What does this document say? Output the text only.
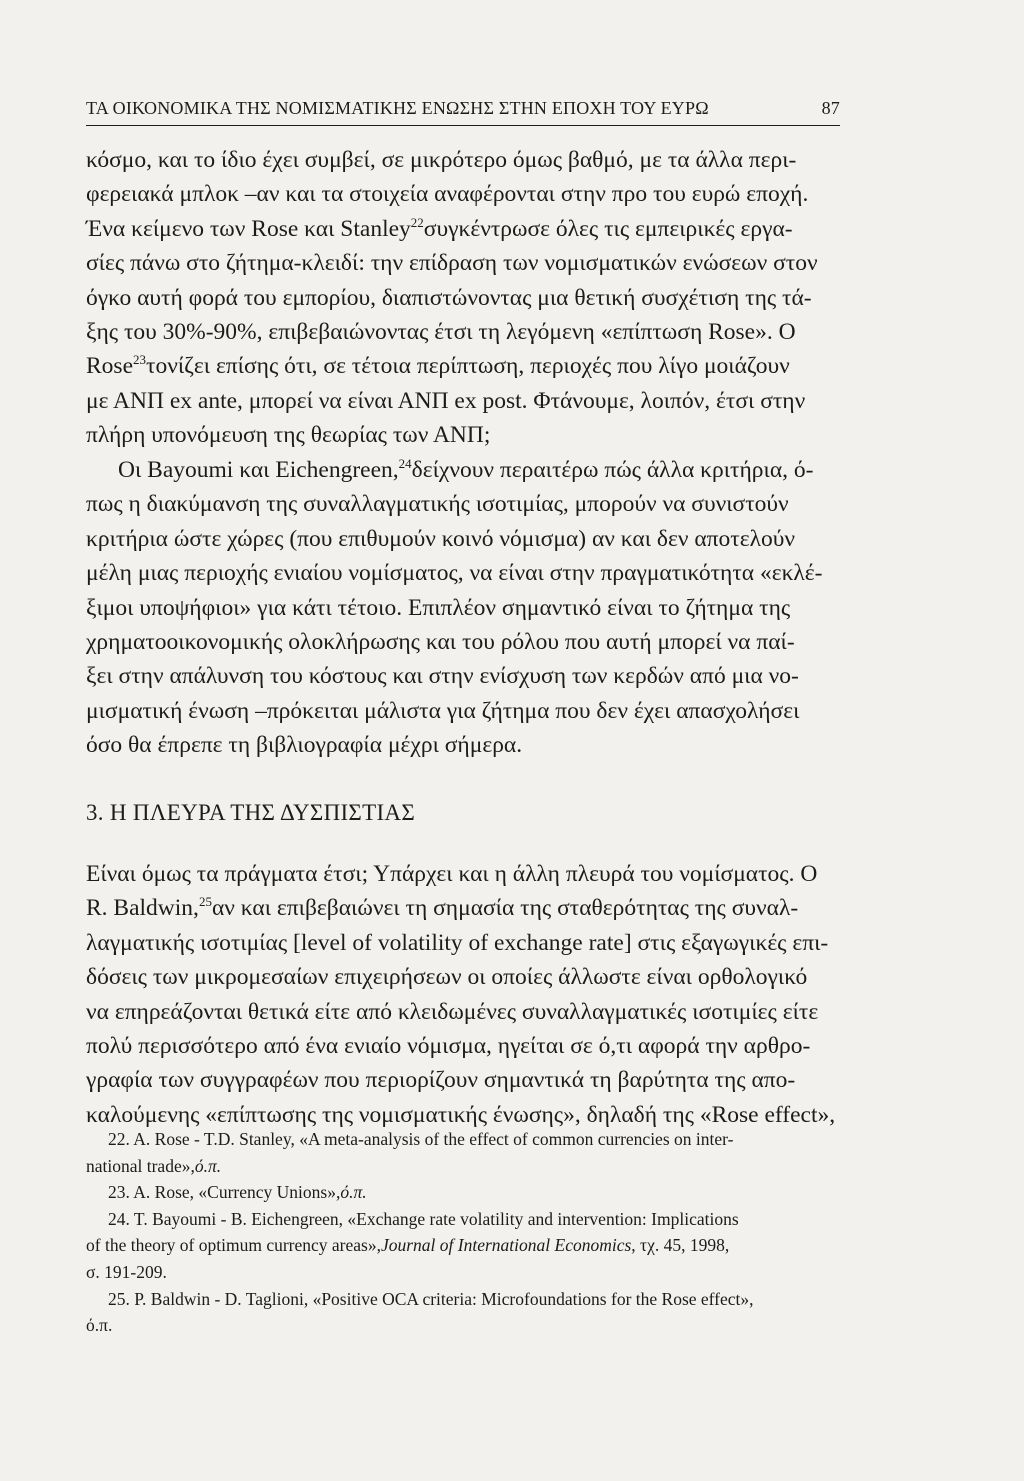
ΤΑ ΟΙΚΟΝΟΜΙΚΑ ΤΗΣ ΝΟΜΙΣΜΑΤΙΚΗΣ ΕΝΩΣΗΣ ΣΤΗΝ ΕΠΟΧΗ ΤΟΥ ΕΥΡΩ	87
κόσμο, και το ίδιο έχει συμβεί, σε μικρότερο όμως βαθμό, με τα άλλα περι-
φερειακά μπλοκ –αν και τα στοιχεία αναφέρονται στην προ του ευρώ εποχή.
Ένα κείμενο των Rose και Stanley$^{22}$συγκέντρωσε όλες τις εμπειρικές εργα-
σίες πάνω στο ζήτημα-κλειδί: την επίδραση των νομισματικών ενώσεων στον
όγκο αυτή φορά του εμπορίου, διαπιστώνοντας μια θετική συσχέτιση της τά-
ξης του 30%-90%, επιβεβαιώνοντας έτσι τη λεγόμενη «επίπτωση Rose». Ο
Rose$^{23}$τονίζει επίσης ότι, σε τέτοια περίπτωση, περιοχές που λίγο μοιάζουν
με ΑΝΠ ex ante, μπορεί να είναι ΑΝΠ ex post. Φτάνουμε, λοιπόν, έτσι στην
πλήρη υπονόμευση της θεωρίας των ΑΝΠ;
Οι Bayoumi και Eichengreen,$^{24}$δείχνουν περαιτέρω πώς άλλα κριτήρια, ό-
πως η διακύμανση της συναλλαγματικής ισοτιμίας, μπορούν να συνιστούν
κριτήρια ώστε χώρες (που επιθυμούν κοινό νόμισμα) αν και δεν αποτελούν
μέλη μιας περιοχής ενιαίου νομίσματος, να είναι στην πραγματικότητα «εκλέ-
ξιμοι υποψήφιοι» για κάτι τέτοιο. Επιπλέον σημαντικό είναι το ζήτημα της
χρηματοοικονομικής ολοκλήρωσης και του ρόλου που αυτή μπορεί να παί-
ξει στην απάλυνση του κόστους και στην ενίσχυση των κερδών από μια νο-
μισματική ένωση –πρόκειται μάλιστα για ζήτημα που δεν έχει απασχολήσει
όσο θα έπρεπε τη βιβλιογραφία μέχρι σήμερα.
3. Η ΠΛΕΥΡΑ ΤΗΣ ΔΥΣΠΙΣΤΙΑΣ
Είναι όμως τα πράγματα έτσι; Υπάρχει και η άλλη πλευρά του νομίσματος. Ο
R. Baldwin,$^{25}$αν και επιβεβαιώνει τη σημασία της σταθερότητας της συναλ-
λαγματικής ισοτιμίας [level of volatility of exchange rate] στις εξαγωγικές επι-
δόσεις των μικρομεσαίων επιχειρήσεων οι οποίες άλλωστε είναι ορθολογικό
να επηρεάζονται θετικά είτε από κλειδωμένες συναλλαγματικές ισοτιμίες είτε
πολύ περισσότερο από ένα ενιαίο νόμισμα, ηγείται σε ό,τι αφορά την αρθρο-
γραφία των συγγραφέων που περιορίζουν σημαντικά τη βαρύτητα της απο-
καλούμενης «επίπτωσης της νομισματικής ένωσης», δηλαδή της «Rose effect»,
22. A. Rose - T.D. Stanley, «A meta-analysis of the effect of common currencies on inter-
national trade»,ό.π.
23. A. Rose, «Currency Unions»,ό.π.
24. T. Bayoumi - B. Eichengreen, «Exchange rate volatility and intervention: Implications
of the theory of optimum currency areas»,Journal of International Economics, τχ. 45, 1998,
σ. 191-209.
25. P. Baldwin - D. Taglioni, «Positive OCA criteria: Microfoundations for the Rose effect»,
ό.π.
